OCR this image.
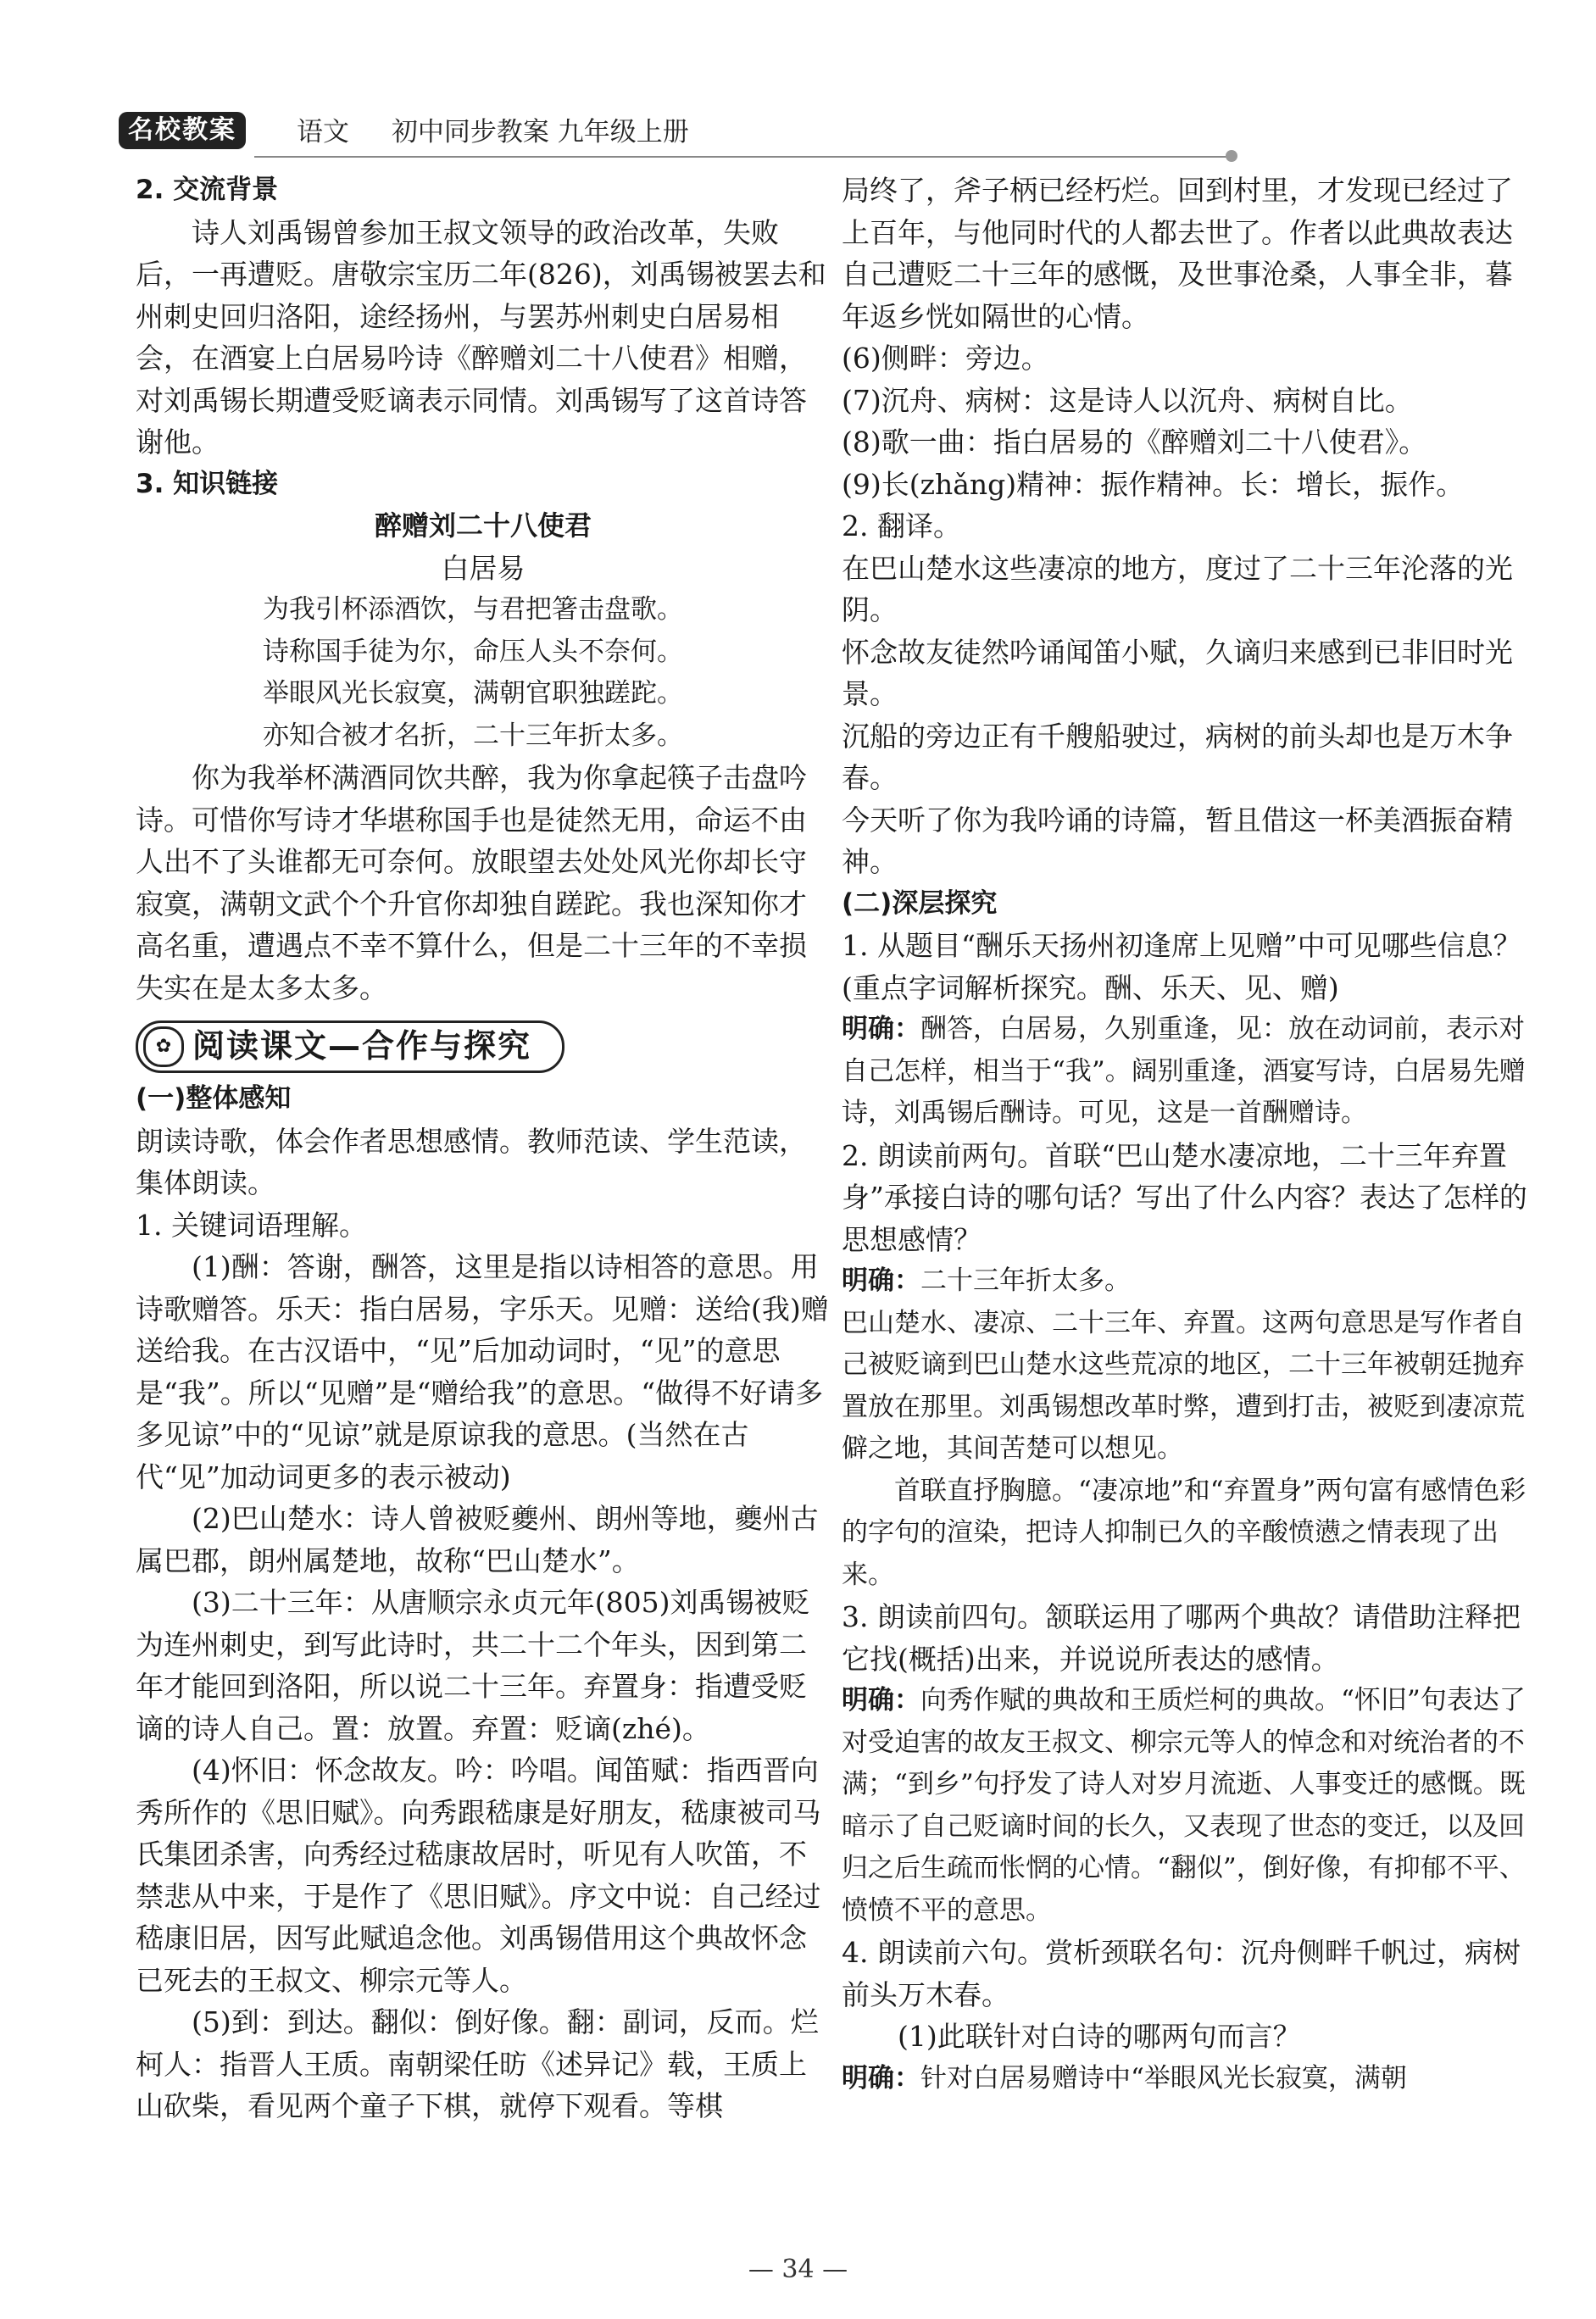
名校教案	语文 初中同步教案 九年级上册

2. 交流背景

诗人刘禹锡曾参加王叔文领导的政治改革，失败后，一再遭贬。唐敬宗宝历二年(826)，刘禹锡被罢去和州刺史回归洛阳，途经扬州，与罢苏州刺史白居易相会，在酒宴上白居易吟诗《醉赠刘二十八使君》相赠，对刘禹锡长期遭受贬谪表示同情。刘禹锡写了这首诗答谢他。

3. 知识链接

醉赠刘二十八使君

白居易

为我引杯添酒饮，与君把箸击盘歌。

诗称国手徒为尔，命压人头不奈何。

举眼风光长寂寞，满朝官职独蹉跎。

亦知合被才名折，二十三年折太多。

你为我举杯满酒同饮共醉，我为你拿起筷子击盘吟诗。可惜你写诗才华堪称国手也是徒然无用，命运不由人出不了头谁都无可奈何。放眼望去处处风光你却长守寂寞，满朝文武个个升官你却独自蹉跎。我也深知你才高名重，遭遇点不幸不算什么，但是二十三年的不幸损失实在是太多太多。

✿ 阅读课文—合作与探究

(一)整体感知

朗读诗歌，体会作者思想感情。教师范读、学生范读，集体朗读。

1. 关键词语理解。

(1)酬：答谢，酬答，这里是指以诗相答的意思。用诗歌赠答。乐天：指白居易，字乐天。见赠：送给(我)赠送给我。在古汉语中，“见”后加动词时，“见”的意思是“我”。所以“见赠”是“赠给我”的意思。“做得不好请多多见谅”中的“见谅”就是原谅我的意思。(当然在古代“见”加动词更多的表示被动)

(2)巴山楚水：诗人曾被贬夔州、朗州等地，夔州古属巴郡，朗州属楚地，故称“巴山楚水”。

(3)二十三年：从唐顺宗永贞元年(805)刘禹锡被贬为连州刺史，到写此诗时，共二十二个年头，因到第二年才能回到洛阳，所以说二十三年。弃置身：指遭受贬谪的诗人自己。置：放置。弃置：贬谪(zhé)。

(4)怀旧：怀念故友。吟：吟唱。闻笛赋：指西晋向秀所作的《思旧赋》。向秀跟嵇康是好朋友，嵇康被司马氏集团杀害，向秀经过嵇康故居时，听见有人吹笛，不禁悲从中来，于是作了《思旧赋》。序文中说：自己经过嵇康旧居，因写此赋追念他。刘禹锡借用这个典故怀念已死去的王叔文、柳宗元等人。

(5)到：到达。翻似：倒好像。翻：副词，反而。烂柯人：指晋人王质。南朝梁任昉《述异记》载，王质上山砍柴，看见两个童子下棋，就停下观看。等棋

局终了，斧子柄已经朽烂。回到村里，才发现已经过了上百年，与他同时代的人都去世了。作者以此典故表达自己遭贬二十三年的感慨，及世事沧桑，人事全非，暮年返乡恍如隔世的心情。

(6)侧畔：旁边。

(7)沉舟、病树：这是诗人以沉舟、病树自比。

(8)歌一曲：指白居易的《醉赠刘二十八使君》。

(9)长(zhǎng)精神：振作精神。长：增长，振作。

2. 翻译。

在巴山楚水这些凄凉的地方，度过了二十三年沦落的光阴。

怀念故友徒然吟诵闻笛小赋，久谪归来感到已非旧时光景。

沉船的旁边正有千艘船驶过，病树的前头却也是万木争春。

今天听了你为我吟诵的诗篇，暂且借这一杯美酒振奋精神。

(二)深层探究

1. 从题目“酬乐天扬州初逢席上见赠”中可见哪些信息？(重点字词解析探究。酬、乐天、见、赠)

明确：酬答，白居易，久别重逢，见：放在动词前，表示对自己怎样，相当于“我”。阔别重逢，酒宴写诗，白居易先赠诗，刘禹锡后酬诗。可见，这是一首酬赠诗。

2. 朗读前两句。首联“巴山楚水凄凉地，二十三年弃置身”承接白诗的哪句话？写出了什么内容？表达了怎样的思想感情？

明确：二十三年折太多。

巴山楚水、凄凉、二十三年、弃置。这两句意思是写作者自己被贬谪到巴山楚水这些荒凉的地区，二十三年被朝廷抛弃置放在那里。刘禹锡想改革时弊，遭到打击，被贬到凄凉荒僻之地，其间苦楚可以想见。

首联直抒胸臆。“凄凉地”和“弃置身”两句富有感情色彩的字句的渲染，把诗人抑制已久的辛酸愤懑之情表现了出来。

3. 朗读前四句。颔联运用了哪两个典故？请借助注释把它找(概括)出来，并说说所表达的感情。

明确：向秀作赋的典故和王质烂柯的典故。“怀旧”句表达了对受迫害的故友王叔文、柳宗元等人的悼念和对统治者的不满；“到乡”句抒发了诗人对岁月流逝、人事变迁的感慨。既暗示了自己贬谪时间的长久，又表现了世态的变迁，以及回归之后生疏而怅惘的心情。“翻似”，倒好像，有抑郁不平、愤愤不平的意思。

4. 朗读前六句。赏析颈联名句：沉舟侧畔千帆过，病树前头万木春。

(1)此联针对白诗的哪两句而言？

明确：针对白居易赠诗中“举眼风光长寂寞，满朝

— 34 —
